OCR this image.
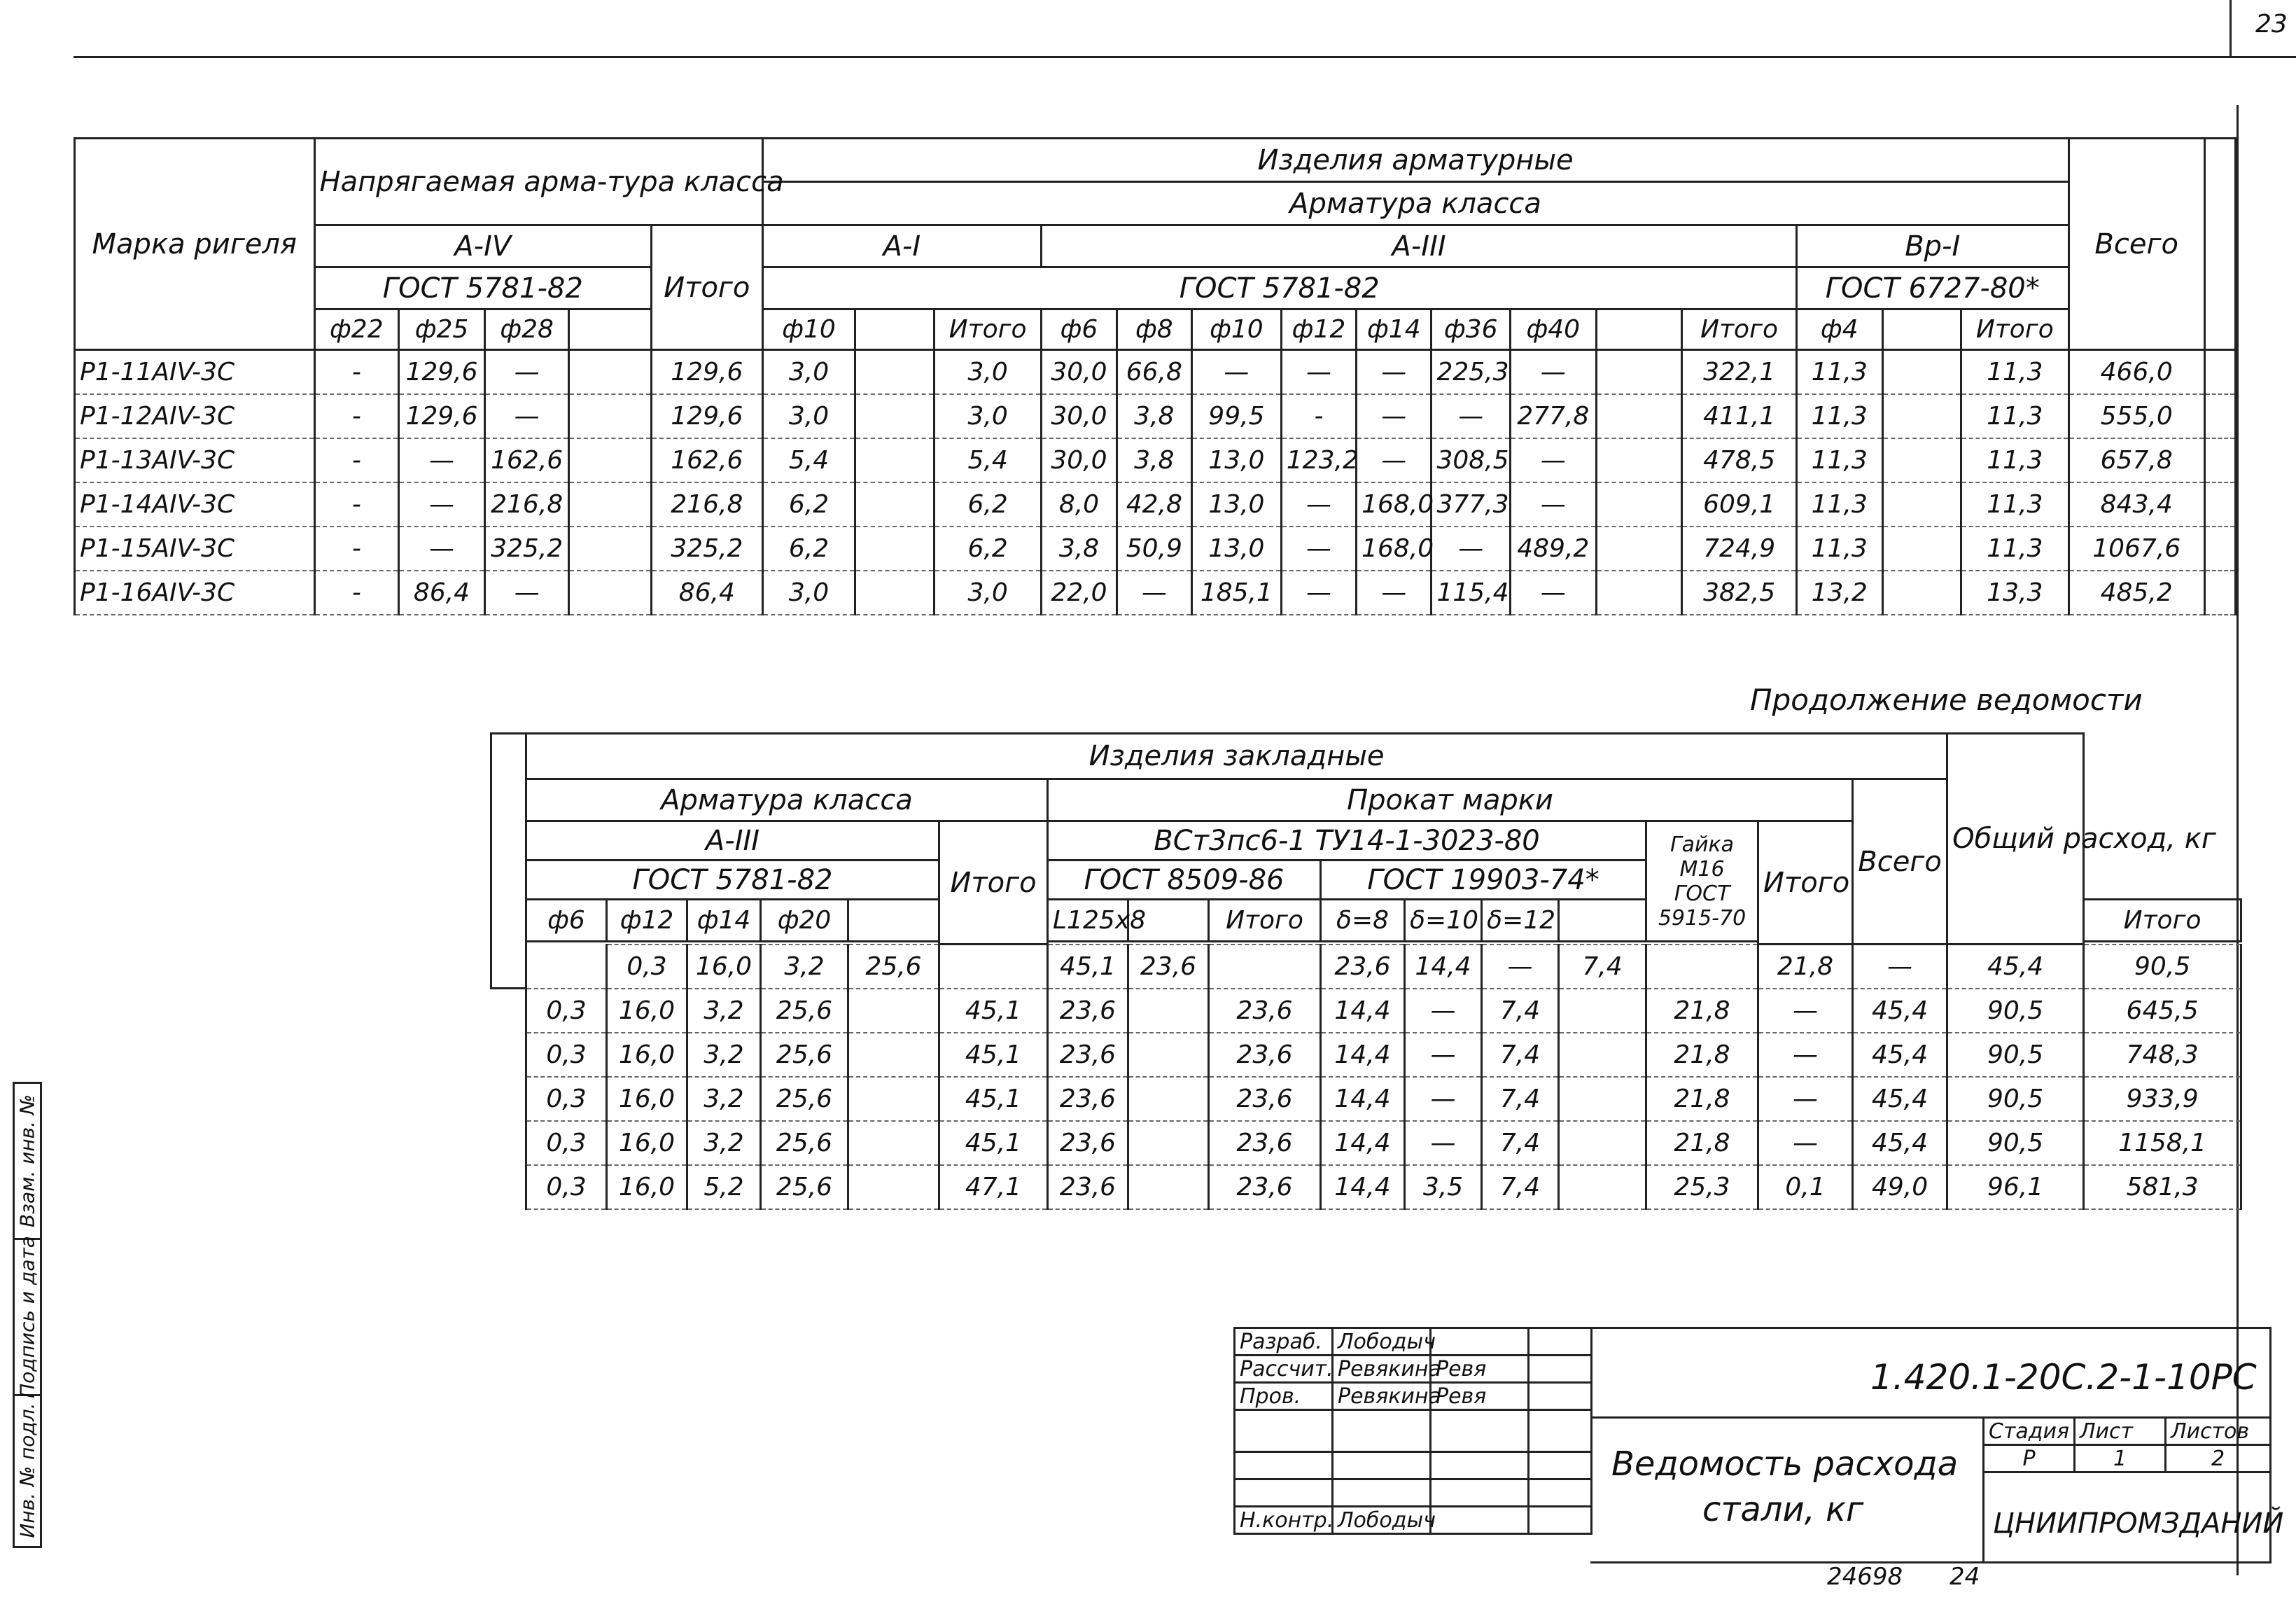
23
Марка ригеля	Напрягаемая арма-тура класса					Изделия арматурные															Всего	
						Арматура класса																
	А-IV				Итого	А-I			А-III									Вр-I				
	ГОСТ 5781-82					ГОСТ 5781-82												ГОСТ 6727-80*				
	ф22	ф25	ф28			ф10		Итого	ф6	ф8	ф10	ф12	ф14	ф36	ф40		Итого	ф4		Итого		
Р1-11АIV-3С	-	129,6	—		129,6	3,0		3,0	30,0	66,8	—	—	—	225,3	—		322,1	11,3		11,3	466,0	
Р1-12АIV-3С	-	129,6	—		129,6	3,0		3,0	30,0	3,8	99,5	-	—	—	277,8		411,1	11,3		11,3	555,0	
Р1-13АIV-3С	-	—	162,6		162,6	5,4		5,4	30,0	3,8	13,0	123,2	—	308,5	—		478,5	11,3		11,3	657,8	
Р1-14АIV-3С	-	—	216,8		216,8	6,2		6,2	8,0	42,8	13,0	—	168,0	377,3	—		609,1	11,3		11,3	843,4	
Р1-15АIV-3С	-	—	325,2		325,2	6,2		6,2	3,8	50,9	13,0	—	168,0	—	489,2		724,9	11,3		11,3	1067,6	
Р1-16АIV-3С	-	86,4	—		86,4	3,0		3,0	22,0	—	185,1	—	—	115,4	—		382,5	13,2		13,3	485,2	
Продолжение ведомости
	Изделия закладные																Общий расход, кг		
	Арматура класса						Прокат марки									Всего			
	А-III					Итого	ВСт3пс6-1 ТУ14-1-3023-80							Гайка М16 ГОСТ 5915-70	Итого				
	ГОСТ 5781-82						ГОСТ 8509-86			ГОСТ 19903-74*									
	ф6	ф12	ф14	ф20			L125х8		Итого	δ=8	δ=10	δ=12						Итого	

		0,3	16,0	3,2	25,6		45,1	23,6		23,6	14,4	—	7,4		21,8	—	45,4	90,5	
	0,3	16,0	3,2	25,6		45,1	23,6		23,6	14,4	—	7,4		21,8	—	45,4	90,5	645,5	
	0,3	16,0	3,2	25,6		45,1	23,6		23,6	14,4	—	7,4		21,8	—	45,4	90,5	748,3	
	0,3	16,0	3,2	25,6		45,1	23,6		23,6	14,4	—	7,4		21,8	—	45,4	90,5	933,9	
	0,3	16,0	3,2	25,6		45,1	23,6		23,6	14,4	—	7,4		21,8	—	45,4	90,5	1158,1	
	0,3	16,0	5,2	25,6		47,1	23,6		23,6	14,4	3,5	7,4		25,3	0,1	49,0	96,1	581,3	
Взам. инв. №
Подпись и дата
Инв. № подл.
Разраб.	Лободыч		
Рассчит.	Ревякина	Ревя	
Пров.	Ревякина	Ревя	

Н.контр.	Лободыч		
1.420.1-20С.2-1-10РС
Ведомость расхода
стали, кг
Стадия	Лист	Листов
Р	1	2
ЦНИИПРОМЗДАНИЙ
24698 24
